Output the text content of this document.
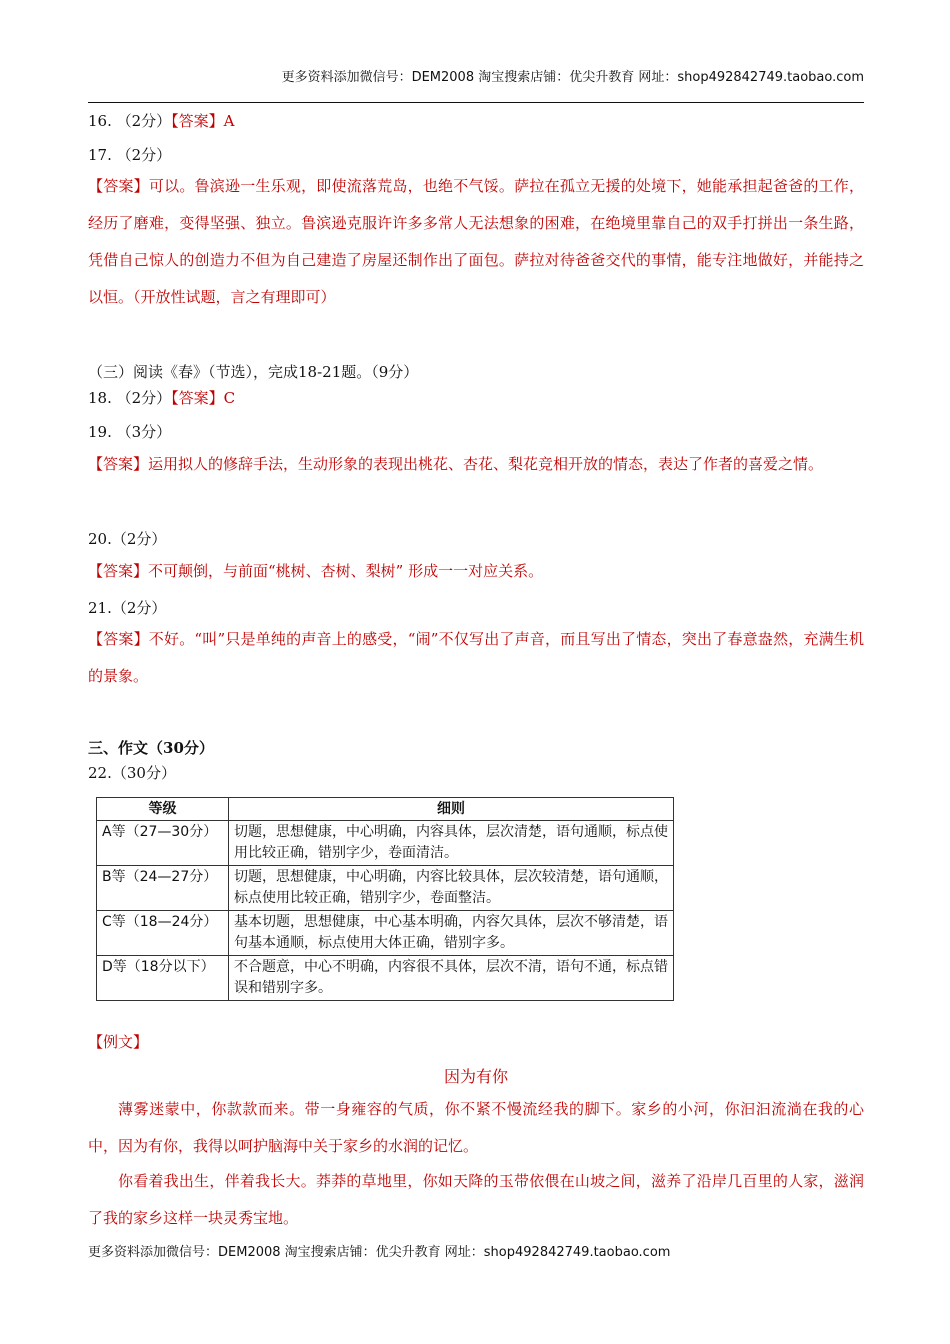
更多资料添加微信号：DEM2008 淘宝搜索店铺：优尖升教育 网址：shop492842749.taobao.com
16. （2分）【答案】A
17. （2分）
【答案】可以。鲁滨逊一生乐观，即使流落荒岛，也绝不气馁。萨拉在孤立无援的处境下，她能承担起爸爸的工作，经历了磨难，变得坚强、独立。鲁滨逊克服许许多多常人无法想象的困难，在绝境里靠自己的双手打拼出一条生路，凭借自己惊人的创造力不但为自己建造了房屋还制作出了面包。萨拉对待爸爸交代的事情，能专注地做好，并能持之以恒。（开放性试题，言之有理即可）
（三）阅读《春》（节选），完成18-21题。（9分）
18. （2分）【答案】C
19. （3分）
【答案】运用拟人的修辞手法，生动形象的表现出桃花、杏花、梨花竞相开放的情态，表达了作者的喜爱之情。
20.（2分）
【答案】不可颠倒，与前面“桃树、杏树、梨树” 形成一一对应关系。
21.（2分）
【答案】不好。“叫”只是单纯的声音上的感受，“闹”不仅写出了声音，而且写出了情态，突出了春意盎然，充满生机的景象。
三、作文（30分）
22.（30分）
等级	细则
A等（27—30分）	切题，思想健康，中心明确，内容具体，层次清楚，语句通顺，标点使用比较正确，错别字少，卷面清洁。
B等（24—27分）	切题，思想健康，中心明确，内容比较具体，层次较清楚，语句通顺，标点使用比较正确，错别字少，卷面整洁。
C等（18—24分）	基本切题，思想健康，中心基本明确，内容欠具体，层次不够清楚，语句基本通顺，标点使用大体正确，错别字多。
D等（18分以下）	不合题意，中心不明确，内容很不具体，层次不清，语句不通，标点错误和错别字多。
【例文】
因为有你
薄雾迷蒙中，你款款而来。带一身雍容的气质，你不紧不慢流经我的脚下。家乡的小河，你汩汩流淌在我的心中，因为有你，我得以呵护脑海中关于家乡的水润的记忆。
你看着我出生，伴着我长大。莽莽的草地里，你如天降的玉带依偎在山坡之间，滋养了沿岸几百里的人家，滋润了我的家乡这样一块灵秀宝地。
更多资料添加微信号：DEM2008 淘宝搜索店铺：优尖升教育 网址：shop492842749.taobao.com
